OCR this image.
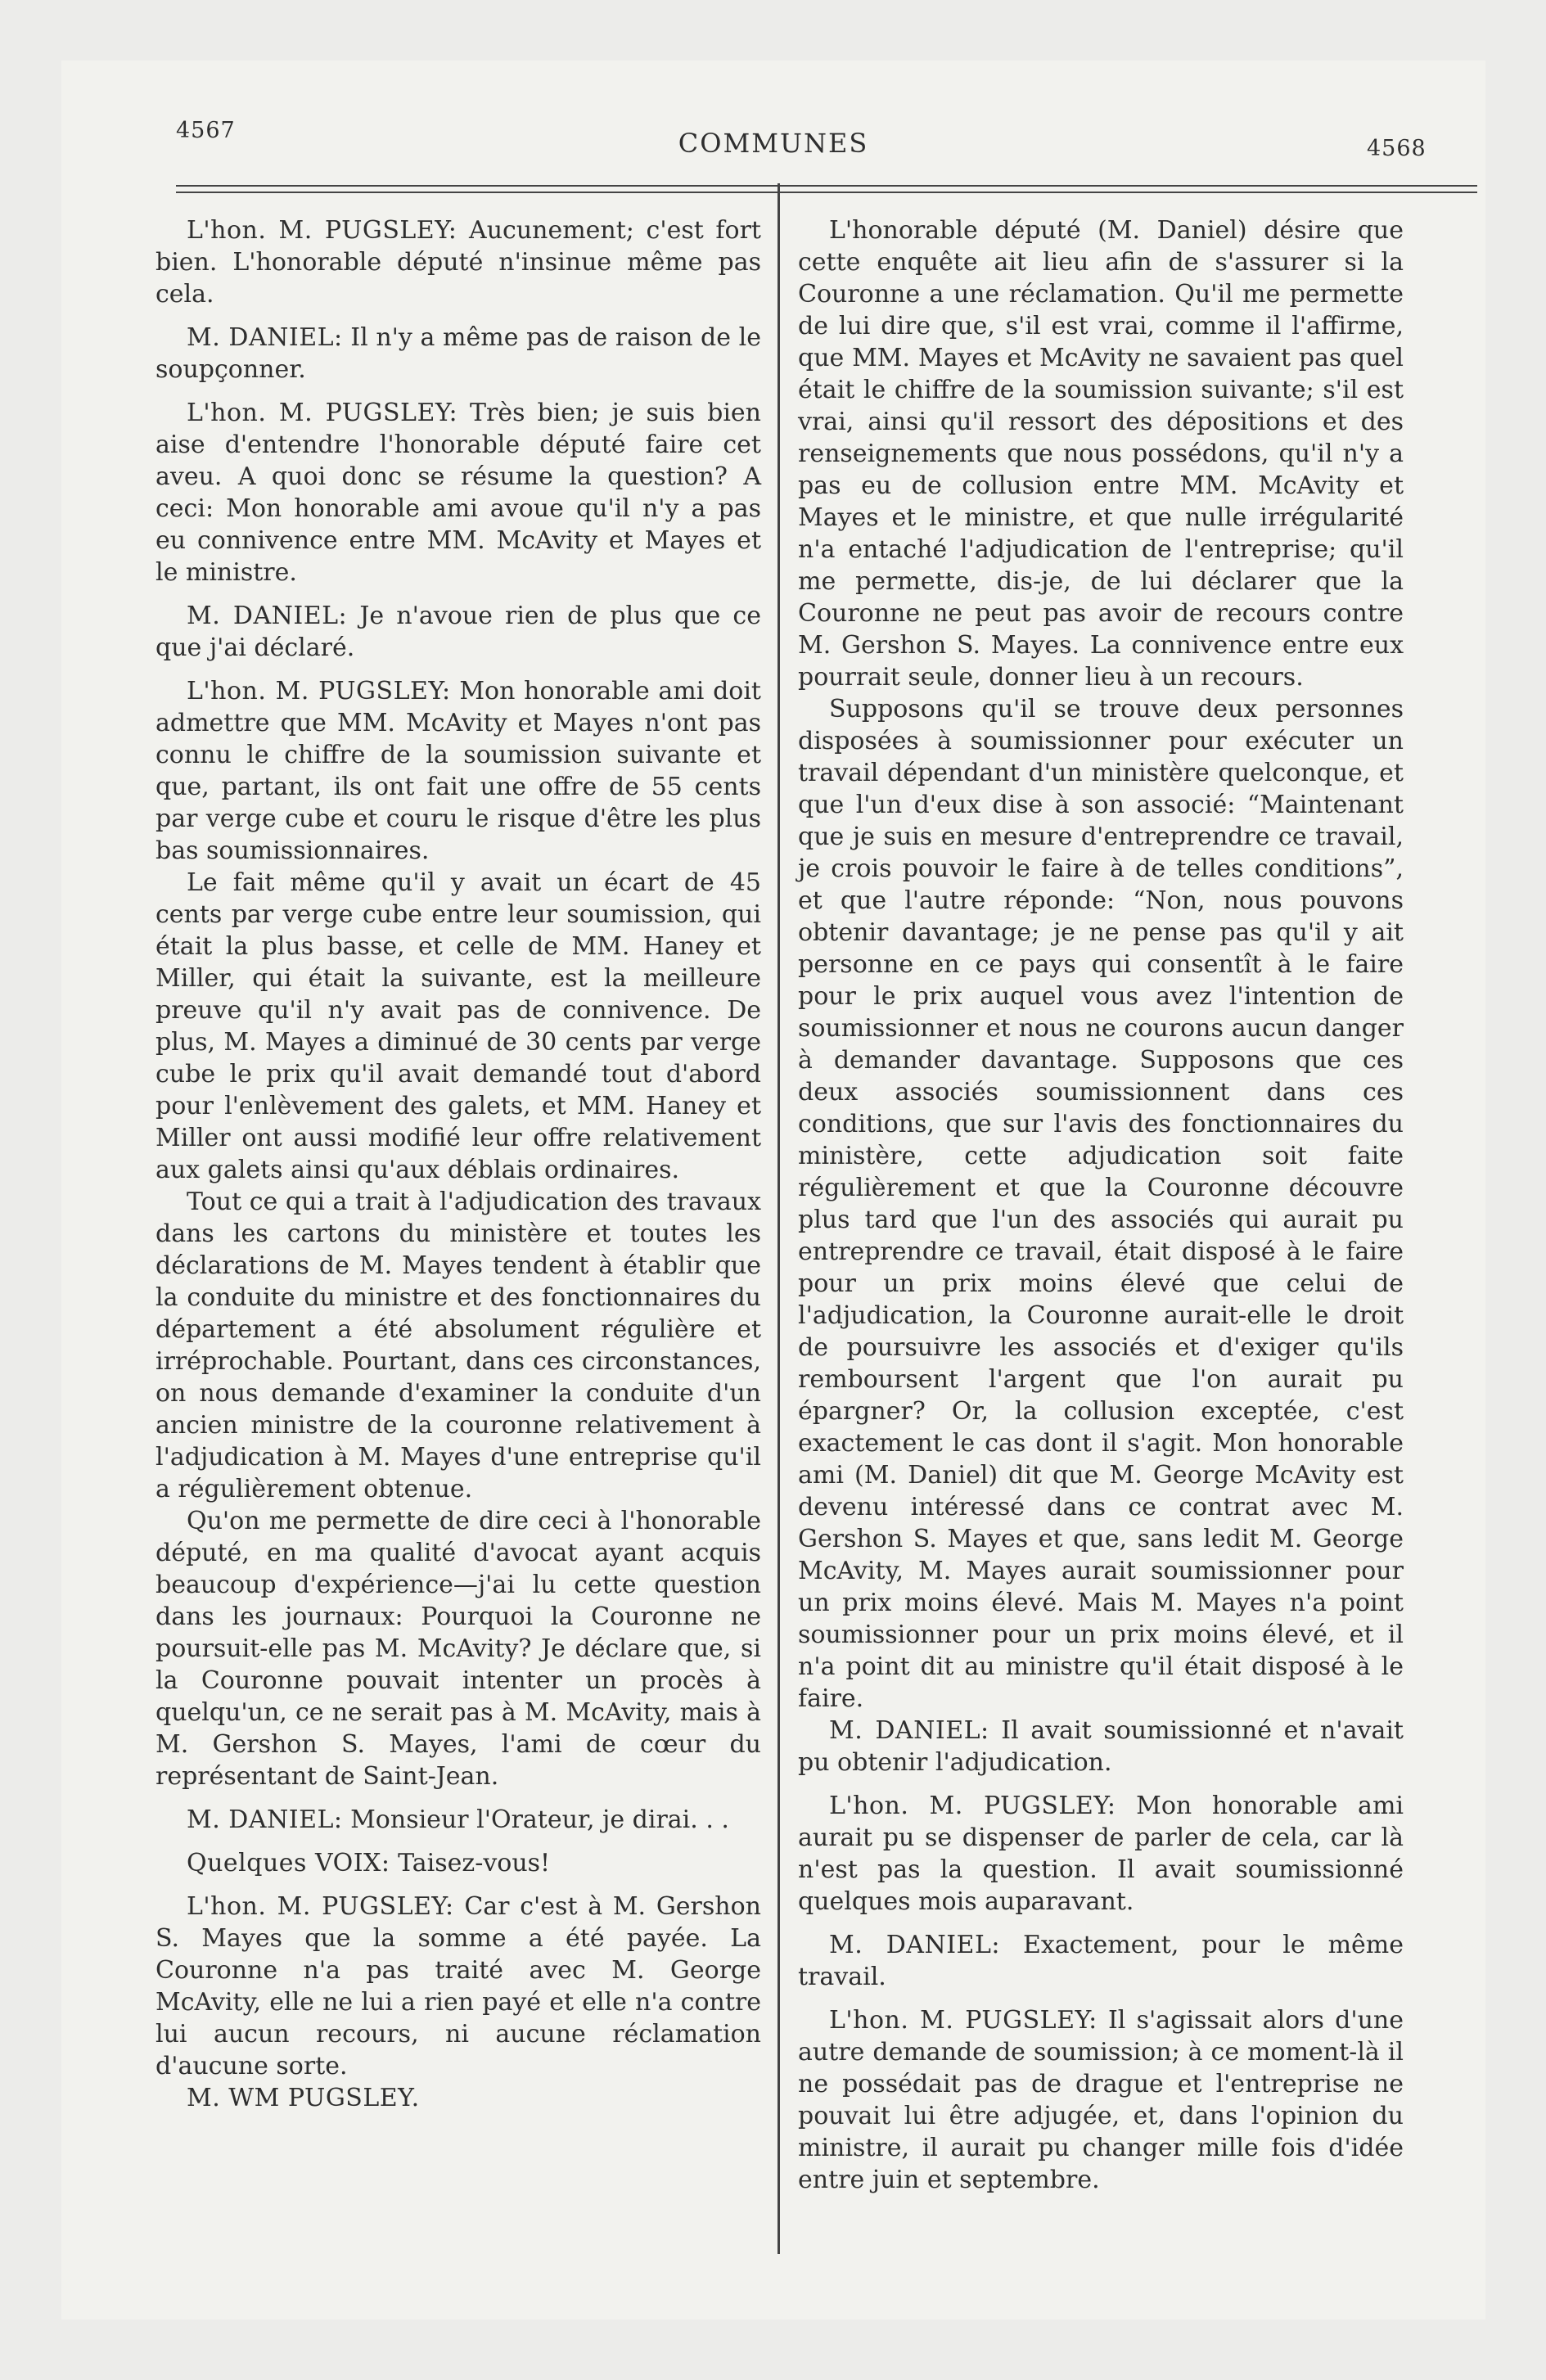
4567	COMMUNES	4568

L'hon. M. PUGSLEY: Aucunement; c'est fort bien. L'honorable député n'insinue même pas cela.

M. DANIEL: Il n'y a même pas de raison de le soupçonner.

L'hon. M. PUGSLEY: Très bien; je suis bien aise d'entendre l'honorable député faire cet aveu. A quoi donc se résume la question? A ceci: Mon honorable ami avoue qu'il n'y a pas eu connivence entre MM. McAvity et Mayes et le ministre.

M. DANIEL: Je n'avoue rien de plus que ce que j'ai déclaré.

L'hon. M. PUGSLEY: Mon honorable ami doit admettre que MM. McAvity et Mayes n'ont pas connu le chiffre de la soumission suivante et que, partant, ils ont fait une offre de 55 cents par verge cube et couru le risque d'être les plus bas soumissionnaires.

Le fait même qu'il y avait un écart de 45 cents par verge cube entre leur soumission, qui était la plus basse, et celle de MM. Haney et Miller, qui était la suivante, est la meilleure preuve qu'il n'y avait pas de connivence. De plus, M. Mayes a diminué de 30 cents par verge cube le prix qu'il avait demandé tout d'abord pour l'enlèvement des galets, et MM. Haney et Miller ont aussi modifié leur offre relativement aux galets ainsi qu'aux déblais ordinaires.

Tout ce qui a trait à l'adjudication des travaux dans les cartons du ministère et toutes les déclarations de M. Mayes tendent à établir que la conduite du ministre et des fonctionnaires du département a été absolument régulière et irréprochable. Pourtant, dans ces circonstances, on nous demande d'examiner la conduite d'un ancien ministre de la couronne relativement à l'adjudication à M. Mayes d'une entreprise qu'il a régulièrement obtenue.

Qu'on me permette de dire ceci à l'honorable député, en ma qualité d'avocat ayant acquis beaucoup d'expérience—j'ai lu cette question dans les journaux: Pourquoi la Couronne ne poursuit-elle pas M. McAvity? Je déclare que, si la Couronne pouvait intenter un procès à quelqu'un, ce ne serait pas à M. McAvity, mais à M. Gershon S. Mayes, l'ami de cœur du représentant de Saint-Jean.

M. DANIEL: Monsieur l'Orateur, je dirai. . .

Quelques VOIX: Taisez-vous!

L'hon. M. PUGSLEY: Car c'est à M. Gershon S. Mayes que la somme a été payée. La Couronne n'a pas traité avec M. George McAvity, elle ne lui a rien payé et elle n'a contre lui aucun recours, ni aucune réclamation d'aucune sorte.

M. WM PUGSLEY.

L'honorable député (M. Daniel) désire que cette enquête ait lieu afin de s'assurer si la Couronne a une réclamation. Qu'il me permette de lui dire que, s'il est vrai, comme il l'affirme, que MM. Mayes et McAvity ne savaient pas quel était le chiffre de la soumission suivante; s'il est vrai, ainsi qu'il ressort des dépositions et des renseignements que nous possédons, qu'il n'y a pas eu de collusion entre MM. McAvity et Mayes et le ministre, et que nulle irrégularité n'a entaché l'adjudication de l'entreprise; qu'il me permette, dis-je, de lui déclarer que la Couronne ne peut pas avoir de recours contre M. Gershon S. Mayes. La connivence entre eux pourrait seule, donner lieu à un recours.

Supposons qu'il se trouve deux personnes disposées à soumissionner pour exécuter un travail dépendant d'un ministère quelconque, et que l'un d'eux dise à son associé: “Maintenant que je suis en mesure d'entreprendre ce travail, je crois pouvoir le faire à de telles conditions”, et que l'autre réponde: “Non, nous pouvons obtenir davantage; je ne pense pas qu'il y ait personne en ce pays qui consentît à le faire pour le prix auquel vous avez l'intention de soumissionner et nous ne courons aucun danger à demander davantage. Supposons que ces deux associés soumissionnent dans ces conditions, que sur l'avis des fonctionnaires du ministère, cette adjudication soit faite régulièrement et que la Couronne découvre plus tard que l'un des associés qui aurait pu entreprendre ce travail, était disposé à le faire pour un prix moins élevé que celui de l'adjudication, la Couronne aurait-elle le droit de poursuivre les associés et d'exiger qu'ils remboursent l'argent que l'on aurait pu épargner? Or, la collusion exceptée, c'est exactement le cas dont il s'agit. Mon honorable ami (M. Daniel) dit que M. George McAvity est devenu intéressé dans ce contrat avec M. Gershon S. Mayes et que, sans ledit M. George McAvity, M. Mayes aurait soumissionner pour un prix moins élevé. Mais M. Mayes n'a point soumissionner pour un prix moins élevé, et il n'a point dit au ministre qu'il était disposé à le faire.

M. DANIEL: Il avait soumissionné et n'avait pu obtenir l'adjudication.

L'hon. M. PUGSLEY: Mon honorable ami aurait pu se dispenser de parler de cela, car là n'est pas la question. Il avait soumissionné quelques mois auparavant.

M. DANIEL: Exactement, pour le même travail.

L'hon. M. PUGSLEY: Il s'agissait alors d'une autre demande de soumission; à ce moment-là il ne possédait pas de drague et l'entreprise ne pouvait lui être adjugée, et, dans l'opinion du ministre, il aurait pu changer mille fois d'idée entre juin et septembre.
